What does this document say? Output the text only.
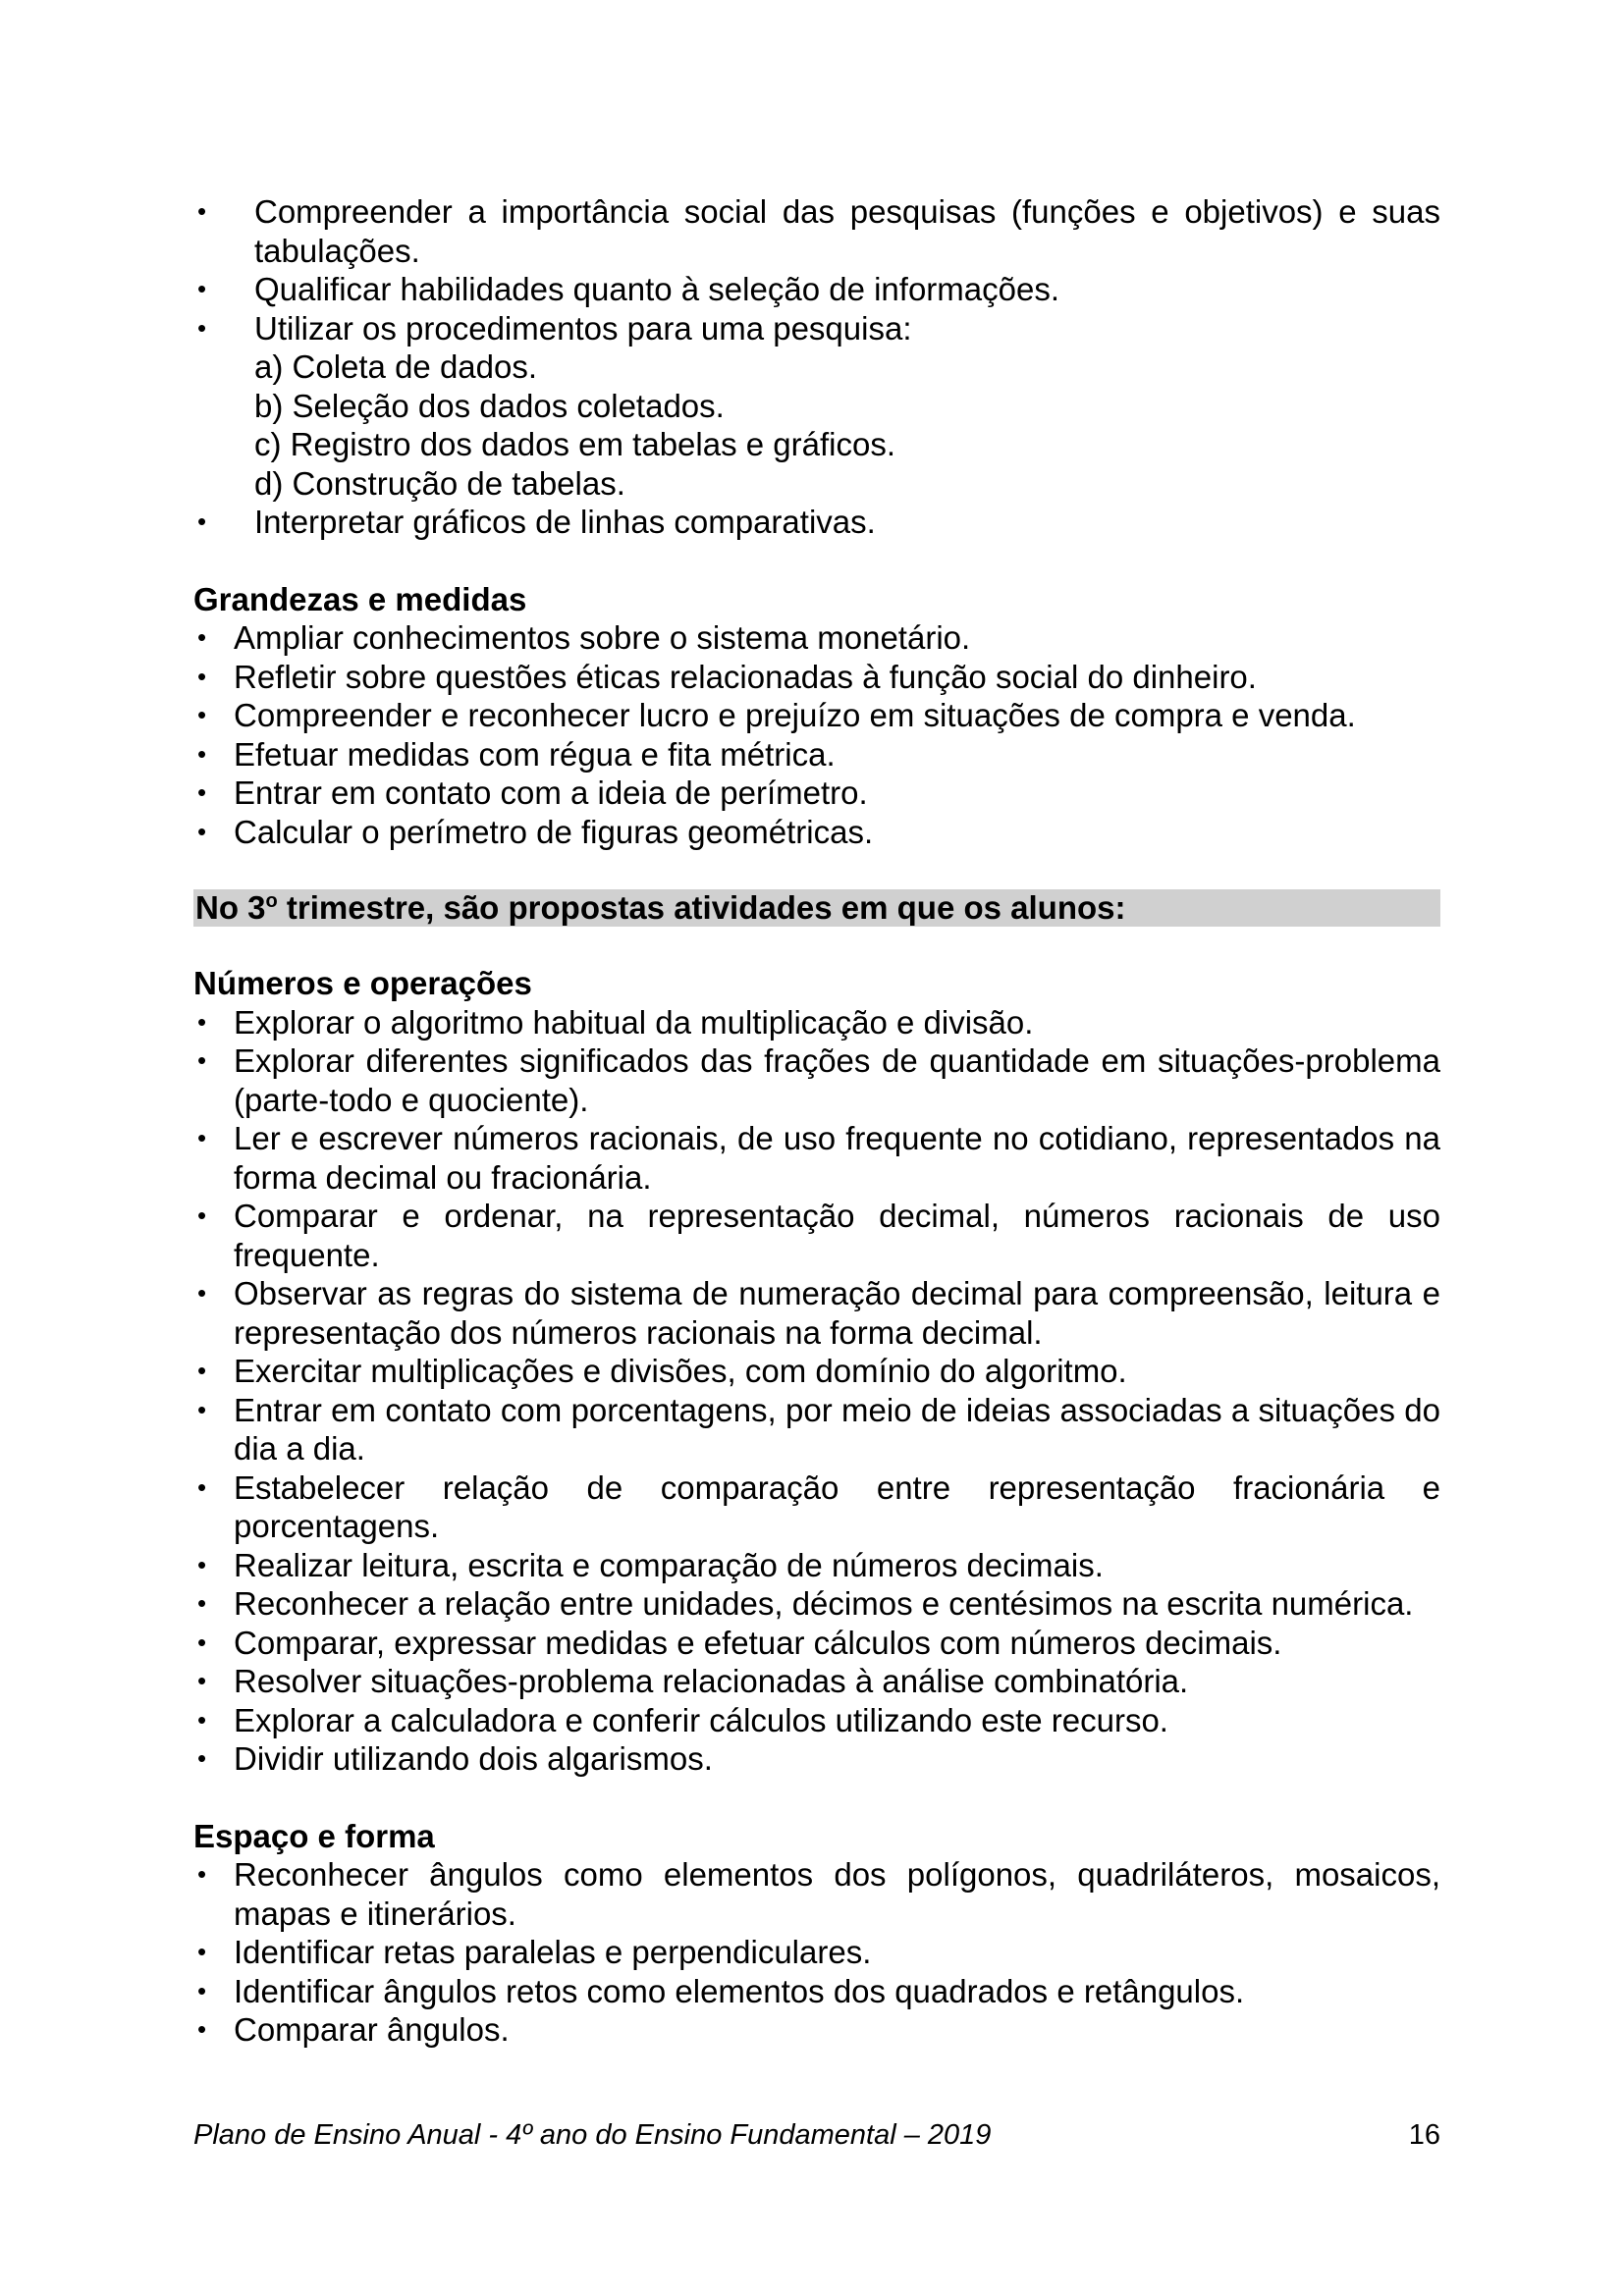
• Compreender a importância social das pesquisas (funções e objetivos) e suas tabulações.
• Qualificar habilidades quanto à seleção de informações.
• Utilizar os procedimentos para uma pesquisa:
a) Coleta de dados.
b) Seleção dos dados coletados.
c) Registro dos dados em tabelas e gráficos.
d) Construção de tabelas.
• Interpretar gráficos de linhas comparativas.
Grandezas e medidas
• Ampliar conhecimentos sobre o sistema monetário.
• Refletir sobre questões éticas relacionadas à função social do dinheiro.
• Compreender e reconhecer lucro e prejuízo em situações de compra e venda.
• Efetuar medidas com régua e fita métrica.
• Entrar em contato com a ideia de perímetro.
• Calcular o perímetro de figuras geométricas.
No 3$^o$ trimestre, são propostas atividades em que os alunos:
Números e operações
• Explorar o algoritmo habitual da multiplicação e divisão.
• Explorar diferentes significados das frações de quantidade em situações-problema (parte-todo e quociente).
• Ler e escrever números racionais, de uso frequente no cotidiano, representados na forma decimal ou fracionária.
• Comparar e ordenar, na representação decimal, números racionais de uso frequente.
• Observar as regras do sistema de numeração decimal para compreensão, leitura e representação dos números racionais na forma decimal.
• Exercitar multiplicações e divisões, com domínio do algoritmo.
• Entrar em contato com porcentagens, por meio de ideias associadas a situações do dia a dia.
• Estabelecer relação de comparação entre representação fracionária e porcentagens.
• Realizar leitura, escrita e comparação de números decimais.
• Reconhecer a relação entre unidades, décimos e centésimos na escrita numérica.
• Comparar, expressar medidas e efetuar cálculos com números decimais.
• Resolver situações-problema relacionadas à análise combinatória.
• Explorar a calculadora e conferir cálculos utilizando este recurso.
• Dividir utilizando dois algarismos.
Espaço e forma
• Reconhecer ângulos como elementos dos polígonos, quadriláteros, mosaicos, mapas e itinerários.
• Identificar retas paralelas e perpendiculares.
• Identificar ângulos retos como elementos dos quadrados e retângulos.
• Comparar ângulos.
Plano de Ensino Anual - 4º ano do Ensino Fundamental – 2019	16
